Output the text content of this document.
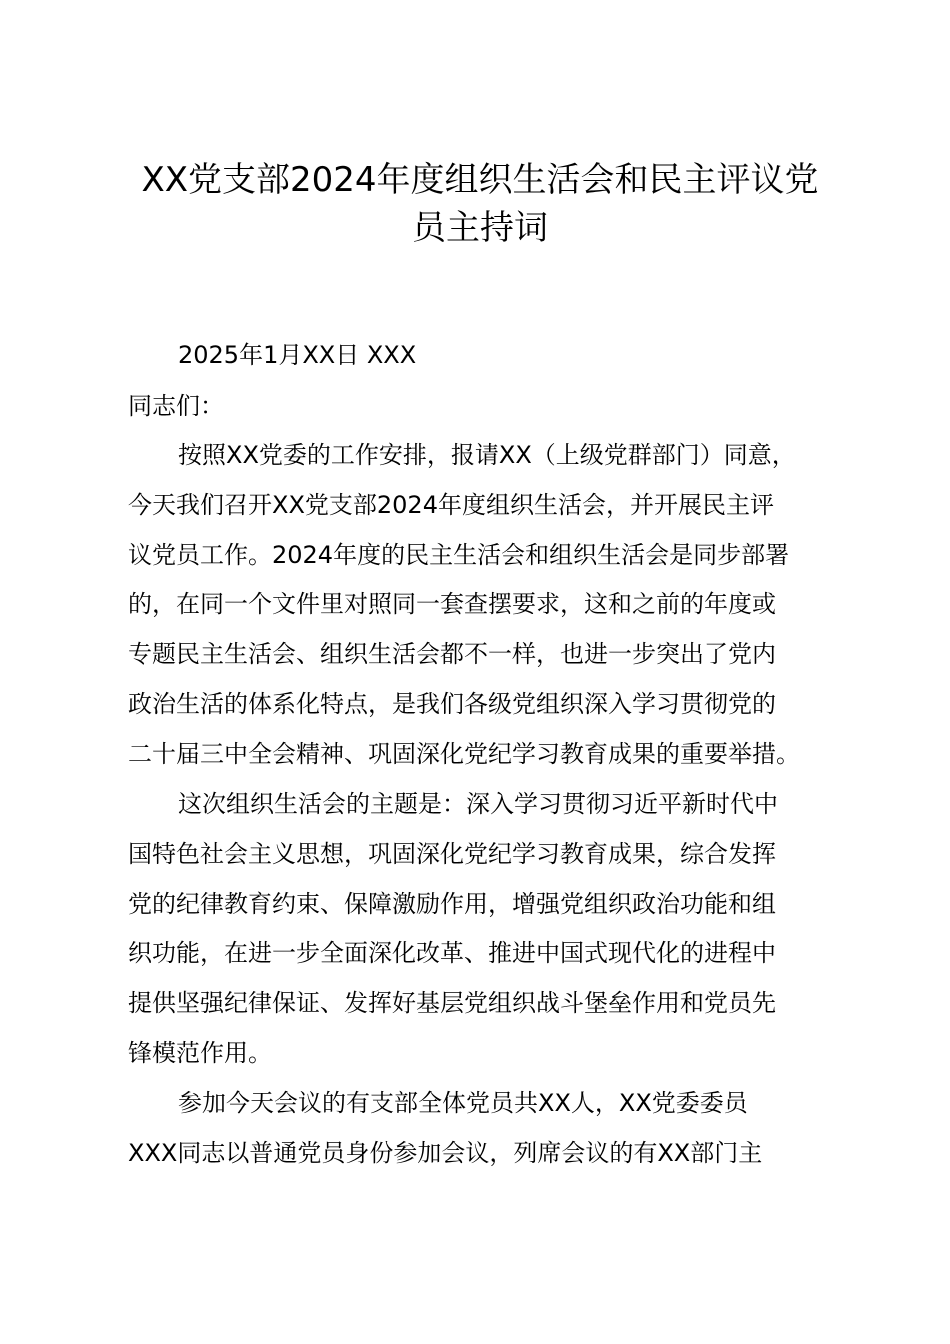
XX党支部2024年度组织生活会和民主评议党
员主持词
2025年1月XX日 XXX
同志们：
按照XX党委的工作安排，报请XX（上级党群部门）同意，
今天我们召开XX党支部2024年度组织生活会，并开展民主评
议党员工作。2024年度的民主生活会和组织生活会是同步部署
的，在同一个文件里对照同一套查摆要求，这和之前的年度或
专题民主生活会、组织生活会都不一样，也进一步突出了党内
政治生活的体系化特点，是我们各级党组织深入学习贯彻党的
二十届三中全会精神、巩固深化党纪学习教育成果的重要举措。
这次组织生活会的主题是：深入学习贯彻习近平新时代中
国特色社会主义思想，巩固深化党纪学习教育成果，综合发挥
党的纪律教育约束、保障激励作用，增强党组织政治功能和组
织功能，在进一步全面深化改革、推进中国式现代化的进程中
提供坚强纪律保证、发挥好基层党组织战斗堡垒作用和党员先
锋模范作用。
参加今天会议的有支部全体党员共XX人，XX党委委员
XXX同志以普通党员身份参加会议，列席会议的有XX部门主
